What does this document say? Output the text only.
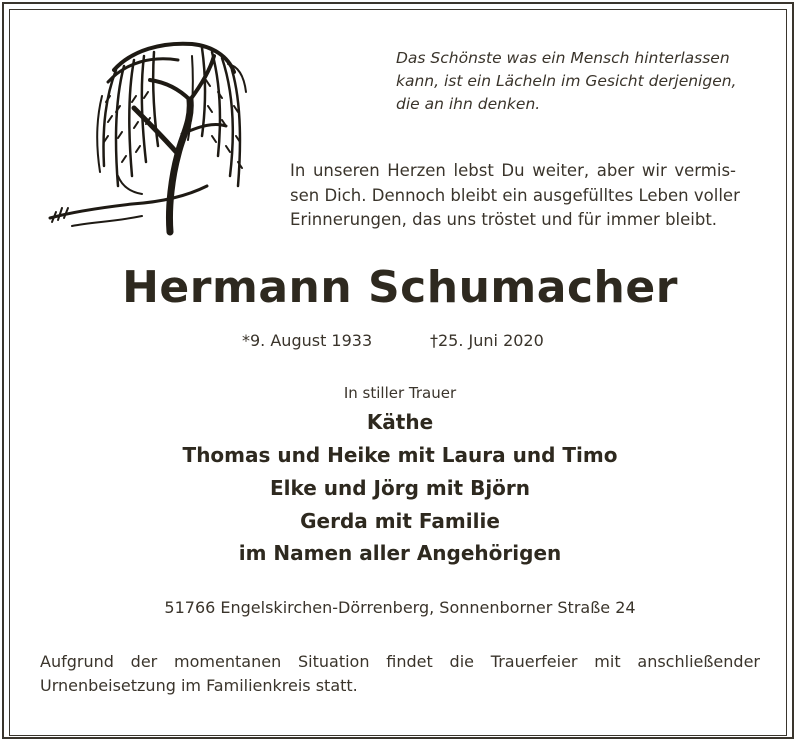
Das Schönste was ein Mensch hinterlassen
kann, ist ein Lächeln im Gesicht derjenigen,
die an ihn denken.
In unseren Herzen lebst Du weiter, aber wir vermis-
sen Dich. Dennoch bleibt ein ausgefülltes Leben voller
Erinnerungen, das uns tröstet und für immer bleibt.
Hermann Schumacher
*9. August 1933	†25. Juni 2020
In stiller Trauer
Käthe
Thomas und Heike mit Laura und Timo
Elke und Jörg mit Björn
Gerda mit Familie
im Namen aller Angehörigen
51766 Engelskirchen-Dörrenberg, Sonnenborner Straße 24
Aufgrund der momentanen Situation findet die Trauerfeier mit anschließender
Urnenbeisetzung im Familienkreis statt.
